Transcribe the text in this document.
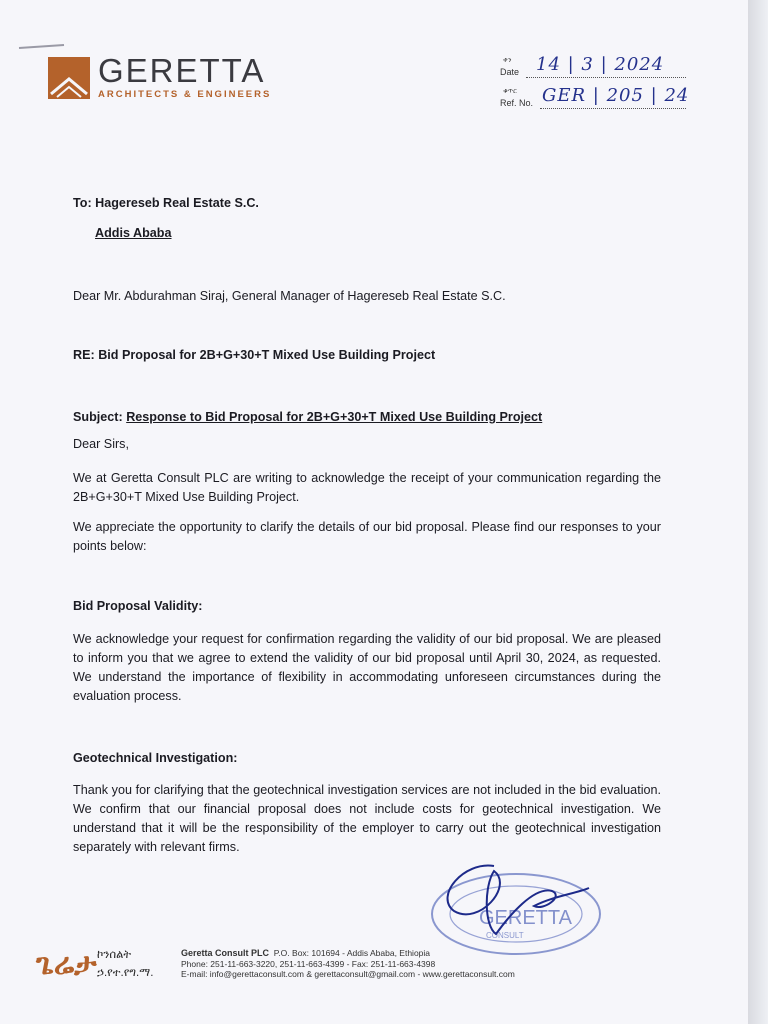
GERETTA
ARCHITECTS & ENGINEERS
ቀን
Date 14 | 3 | 2024
ቁጥር
Ref. No. GER | 205 | 24
To: Hagereseb Real Estate S.C.
Addis Ababa
Dear Mr. Abdurahman Siraj, General Manager of Hagereseb Real Estate S.C.
RE: Bid Proposal for 2B+G+30+T Mixed Use Building Project
Subject: Response to Bid Proposal for 2B+G+30+T Mixed Use Building Project
Dear Sirs,
We at Geretta Consult PLC are writing to acknowledge the receipt of your communication regarding the 2B+G+30+T Mixed Use Building Project.
We appreciate the opportunity to clarify the details of our bid proposal. Please find our responses to your points below:
Bid Proposal Validity:
We acknowledge your request for confirmation regarding the validity of our bid proposal. We are pleased to inform you that we agree to extend the validity of our bid proposal until April 30, 2024, as requested. We understand the importance of flexibility in accommodating unforeseen circumstances during the evaluation process.
Geotechnical Investigation:
Thank you for clarifying that the geotechnical investigation services are not included in the bid evaluation. We confirm that our financial proposal does not include costs for geotechnical investigation. We understand that it will be the responsibility of the employer to carry out the geotechnical investigation separately with relevant firms.
GERETTA
CONSULT
ጌሬታ ኮንሰልት
ኃ.የተ.የግ.ማ.
Geretta Consult PLC P.O. Box: 101694 - Addis Ababa, Ethiopia
Phone: 251-11-663-3220, 251-11-663-4399 - Fax: 251-11-663-4398
E-mail: info@gerettaconsult.com & gerettaconsult@gmail.com - www.gerettaconsult.com
